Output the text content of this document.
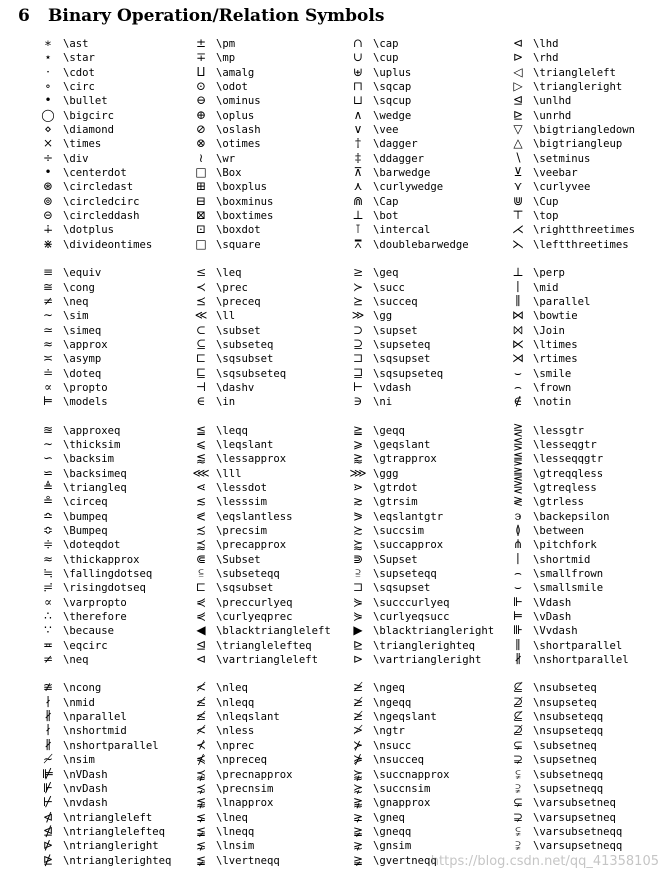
6 Binary Operation/Relation Symbols
∗ \ast
⋆ \star
· \cdot
∘ \circ
• \bullet
◯ \bigcirc
⋄ \diamond
× \times
÷ \div
• \centerdot
⊛ \circledast
⊚ \circledcirc
⊝ \circleddash
∔ \dotplus
⋇ \divideontimes
≡ \equiv
≅ \cong
≠ \neq
∼ \sim
≃ \simeq
≈ \approx
≍ \asymp
≐ \doteq
∝ \propto
⊨ \models
≊ \approxeq
∼ \thicksim
∽ \backsim
⋍ \backsimeq
≜ \triangleq
≗ \circeq
≏ \bumpeq
≎ \Bumpeq
≑ \doteqdot
≈ \thickapprox
≒ \fallingdotseq
≓ \risingdotseq
∝ \varpropto
∴ \therefore
∵ \because
≖ \eqcirc
≠ \neq
≇ \ncong
∤ \nmid
∦ \nparallel
∤ \nshortmid
∦ \nshortparallel
≁ \nsim
⊯ \nVDash
⊮ \nvDash
⊬ \nvdash
⋪ \ntriangleleft
⋬ \ntrianglelefteq
⋫ \ntriangleright
⋭ \ntrianglerighteq
± \pm
∓ \mp
⨿ \amalg
⊙ \odot
⊖ \ominus
⊕ \oplus
⊘ \oslash
⊗ \otimes
≀ \wr
□ \Box
⊞ \boxplus
⊟ \boxminus
⊠ \boxtimes
⊡ \boxdot
□ \square
≤ \leq
≺ \prec
⪯ \preceq
≪ \ll
⊂ \subset
⊆ \subseteq
⊏ \sqsubset
⊑ \sqsubseteq
⊣ \dashv
∈ \in
≦ \leqq
⩽ \leqslant
⪅ \lessapprox
⋘ \lll
⋖ \lessdot
≲ \lesssim
⪕ \eqslantless
≾ \precsim
⪷ \precapprox
⋐ \Subset
⫅ \subseteqq
⊏ \sqsubset
⋞ \preccurlyeq
⋞ \curlyeqprec
◀ \blacktriangleleft
⊴ \trianglelefteq
⊲ \vartriangleleft
≮ \nleq
≰ \nleqq
≰ \nleqslant
≮ \nless
⊀ \nprec
⋠ \npreceq
⪹ \precnapprox
⋨ \precnsim
⪉ \lnapprox
⪇ \lneq
≨ \lneqq
⋦ \lnsim
≨ \lvertneqq
∩ \cap
∪ \cup
⊎ \uplus
⊓ \sqcap
⊔ \sqcup
∧ \wedge
∨ \vee
† \dagger
‡ \ddagger
⊼ \barwedge
⋏ \curlywedge
⋒ \Cap
⊥ \bot
⊺ \intercal
⩞ \doublebarwedge
≥ \geq
≻ \succ
⪰ \succeq
≫ \gg
⊃ \supset
⊇ \supseteq
⊐ \sqsupset
⊒ \sqsupseteq
⊢ \vdash
∋ \ni
≧ \geqq
⩾ \geqslant
⪆ \gtrapprox
⋙ \ggg
⋗ \gtrdot
≳ \gtrsim
⪖ \eqslantgtr
≿ \succsim
⪸ \succapprox
⋑ \Supset
⫆ \supseteqq
⊐ \sqsupset
⋟ \succcurlyeq
⋟ \curlyeqsucc
▶ \blacktriangleright
⊵ \trianglerighteq
⊳ \vartriangleright
≱ \ngeq
≱ \ngeqq
≱ \ngeqslant
≯ \ngtr
⊁ \nsucc
⋡ \nsucceq
⪺ \succnapprox
⋩ \succnsim
⪊ \gnapprox
⪈ \gneq
≩ \gneqq
⋧ \gnsim
≩ \gvertneqq
⊲ \lhd
⊳ \rhd
◁ \triangleleft
▷ \triangleright
⊴ \unlhd
⊵ \unrhd
▽ \bigtriangledown
△ \bigtriangleup
∖ \setminus
⊻ \veebar
⋎ \curlyvee
⋓ \Cup
⊤ \top
⋌ \rightthreetimes
⋋ \leftthreetimes
⊥ \perp
∣ \mid
∥ \parallel
⋈ \bowtie
⨝ \Join
⋉ \ltimes
⋊ \rtimes
⌣ \smile
⌢ \frown
∉ \notin
⋛ \lessgtr
⋚ \lesseqgtr
⪋ \lesseqqgtr
⪌ \gtreqqless
⋛ \gtreqless
≷ \gtrless
϶ \backepsilon
≬ \between
⋔ \pitchfork
∣ \shortmid
⌢ \smallfrown
⌣ \smallsmile
⊩ \Vdash
⊨ \vDash
⊪ \Vvdash
∥ \shortparallel
∦ \nshortparallel
⊈ \nsubseteq
⊉ \nsupseteq
⊈ \nsubseteqq
⊉ \nsupseteqq
⊊ \subsetneq
⊋ \supsetneq
⫋ \subsetneqq
⫌ \supsetneqq
⊊ \varsubsetneq
⊋ \varsupsetneq
⫋ \varsubsetneqq
⫌ \varsupsetneqq
https://blog.csdn.net/qq_41358105
